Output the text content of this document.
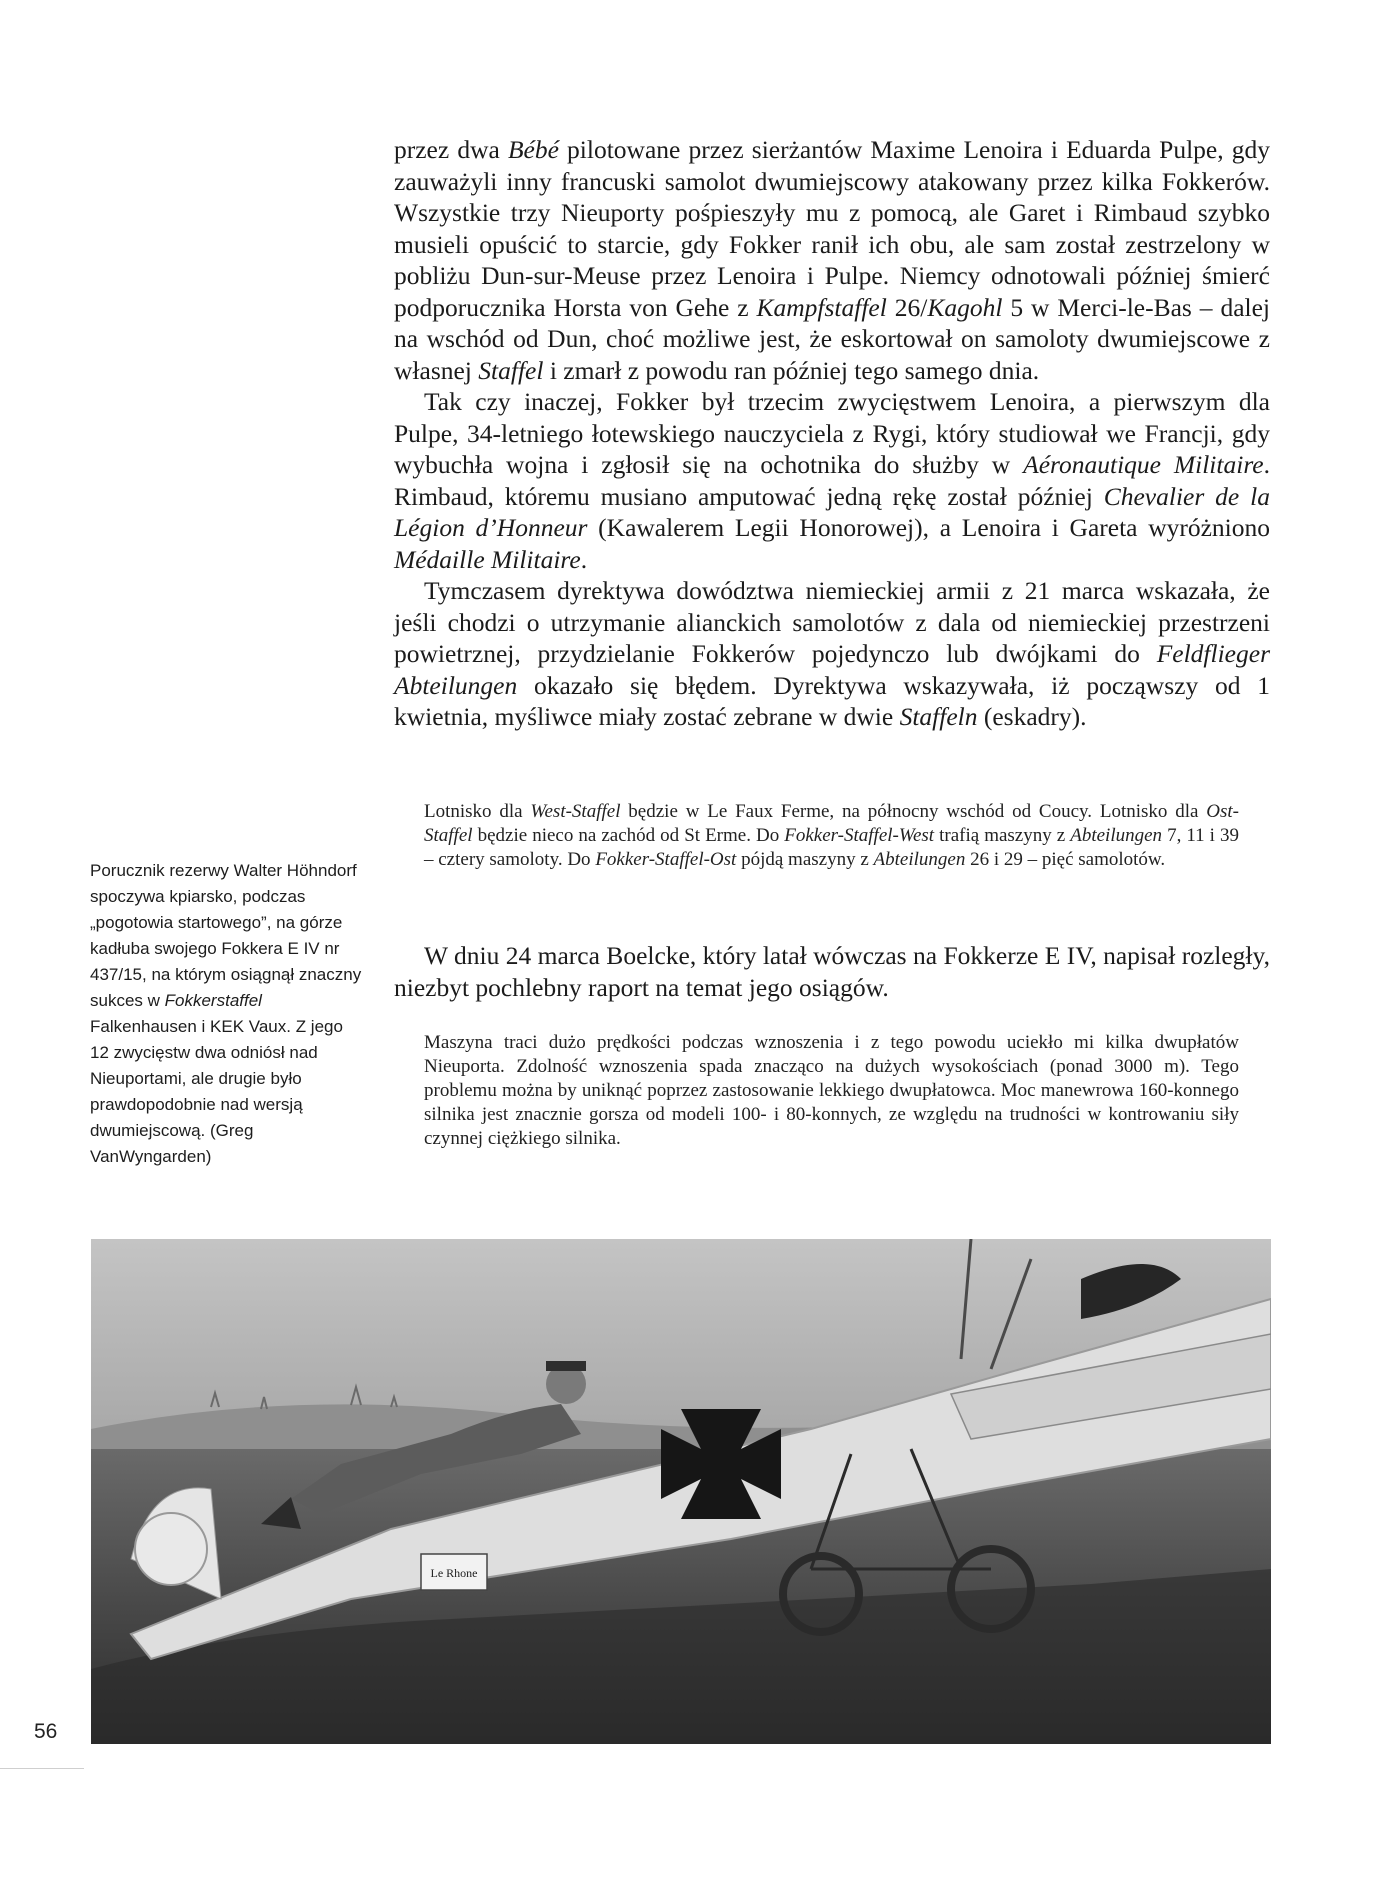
przez dwa Bébé pilotowane przez sierżantów Maxime Lenoira i Eduarda Pulpe, gdy zauważyli inny francuski samolot dwumiejscowy atakowany przez kilka Fokkerów. Wszystkie trzy Nieuporty pośpieszyły mu z pomocą, ale Garet i Rimbaud szybko musieli opuścić to starcie, gdy Fokker ranił ich obu, ale sam został zestrzelony w pobliżu Dun-sur-Meuse przez Lenoira i Pulpe. Niemcy odnotowali później śmierć podporucznika Horsta von Gehe z Kampfstaffel 26/Kagohl 5 w Merci-le-Bas – dalej na wschód od Dun, choć możliwe jest, że eskortował on samoloty dwumiejscowe z własnej Staffel i zmarł z powodu ran później tego samego dnia.

Tak czy inaczej, Fokker był trzecim zwycięstwem Lenoira, a pierwszym dla Pulpe, 34-letniego łotewskiego nauczyciela z Rygi, który studiował we Francji, gdy wybuchła wojna i zgłosił się na ochotnika do służby w Aéronautique Militaire. Rimbaud, któremu musiano amputować jedną rękę został później Chevalier de la Légion d’Honneur (Kawalerem Legii Honorowej), a Lenoira i Gareta wyróżniono Médaille Militaire.

Tymczasem dyrektywa dowództwa niemieckiej armii z 21 marca wskazała, że jeśli chodzi o utrzymanie alianckich samolotów z dala od niemieckiej przestrzeni powietrznej, przydzielanie Fokkerów pojedynczo lub dwójkami do Feldflieger Abteilungen okazało się błędem. Dyrektywa wskazywała, iż począwszy od 1 kwietnia, myśliwce miały zostać zebrane w dwie Staffeln (eskadry).

Lotnisko dla West-Staffel będzie w Le Faux Ferme, na północny wschód od Coucy. Lotnisko dla Ost-Staffel będzie nieco na zachód od St Erme. Do Fokker-Staffel-West trafią maszyny z Abteilungen 7, 11 i 39 – cztery samoloty. Do Fokker-Staffel-Ost pójdą maszyny z Abteilungen 26 i 29 – pięć samolotów.

W dniu 24 marca Boelcke, który latał wówczas na Fokkerze E IV, napisał rozległy, niezbyt pochlebny raport na temat jego osiągów.

Maszyna traci dużo prędkości podczas wznoszenia i z tego powodu uciekło mi kilka dwupłatów Nieuporta. Zdolność wznoszenia spada znacząco na dużych wysokościach (ponad 3000 m). Tego problemu można by uniknąć poprzez zastosowanie lekkiego dwupłatowca. Moc manewrowa 160-konnego silnika jest znacznie gorsza od modeli 100- i 80-konnych, ze względu na trudności w kontrowaniu siły czynnej ciężkiego silnika.

Porucznik rezerwy Walter Höhndorf spoczywa kpiarsko, podczas „pogotowia startowego”, na górze kadłuba swojego Fokkera E IV nr 437/15, na którym osiągnął znaczny sukces w Fokkerstaffel Falkenhausen i KEK Vaux. Z jego 12 zwycięstw dwa odniósł nad Nieuportami, ale drugie było prawdopodobnie nad wersją dwumiejscową. (Greg VanWyngarden)
Le Rhone
56
